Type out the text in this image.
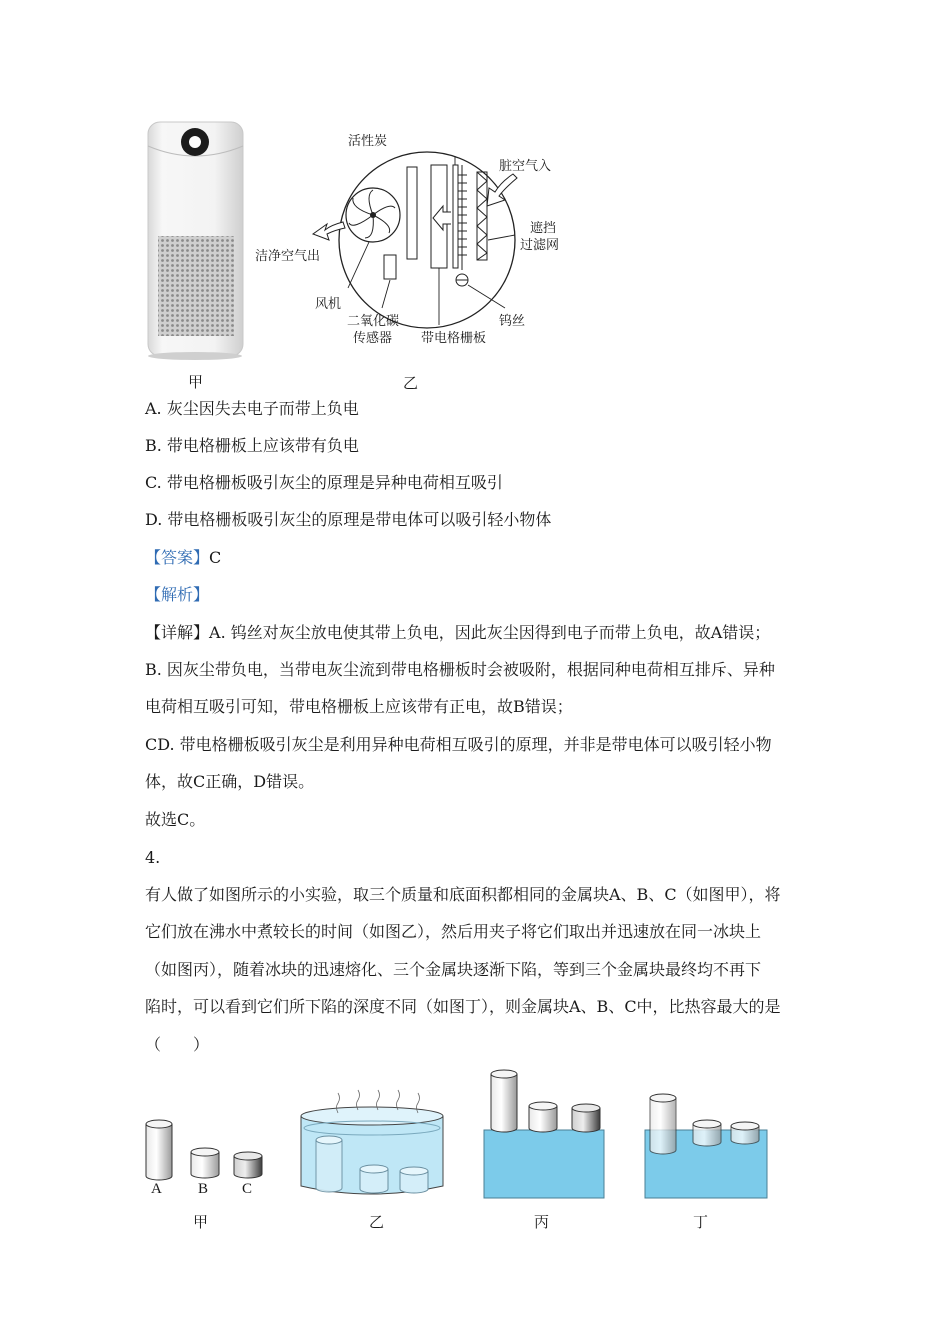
活性炭
脏空气入
遮挡
过滤网
洁净空气出
风机
二氧化碳
传感器
钨丝
带电格栅板
甲	乙
A. 灰尘因失去电子而带上负电
B. 带电格栅板上应该带有负电
C. 带电格栅板吸引灰尘的原理是异种电荷相互吸引
D. 带电格栅板吸引灰尘的原理是带电体可以吸引轻小物体
【答案】C
【解析】
【详解】A. 钨丝对灰尘放电使其带上负电，因此灰尘因得到电子而带上负电，故A错误；
B. 因灰尘带负电，当带电灰尘流到带电格栅板时会被吸附，根据同种电荷相互排斥、异种
电荷相互吸引可知，带电格栅板上应该带有正电，故B错误；
CD. 带电格栅板吸引灰尘是利用异种电荷相互吸引的原理，并非是带电体可以吸引轻小物
体，故C正确，D错误。
故选C。
4.
有人做了如图所示的小实验，取三个质量和底面积都相同的金属块A、B、C（如图甲），将
它们放在沸水中煮较长的时间（如图乙），然后用夹子将它们取出并迅速放在同一冰块上
（如图丙），随着冰块的迅速熔化、三个金属块逐渐下陷，等到三个金属块最终均不再下
陷时，可以看到它们所下陷的深度不同（如图丁），则金属块A、B、C中，比热容最大的是
（　　）
A B C
甲	乙	丙	丁
